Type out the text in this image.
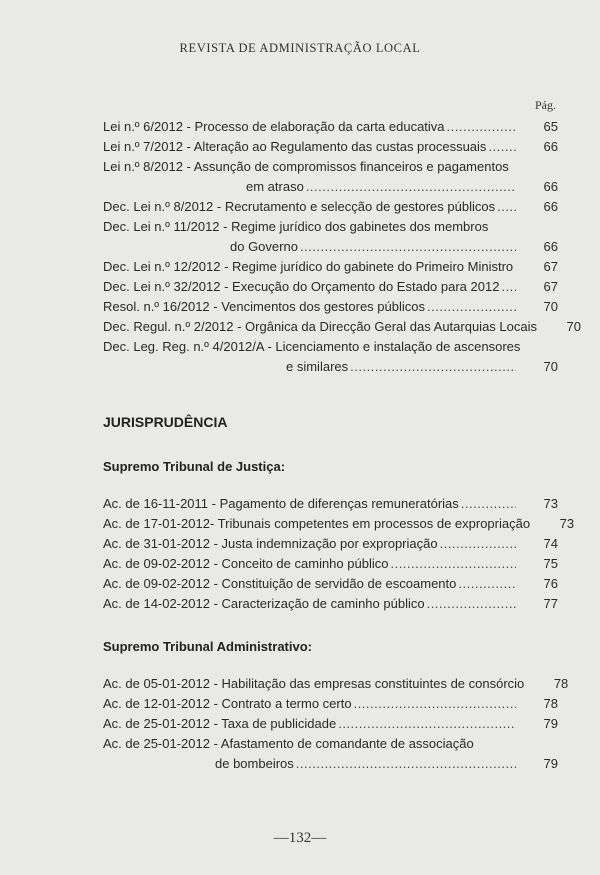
REVISTA DE ADMINISTRAÇÃO LOCAL
Pág.
Lei n.º 6/2012 - Processo de elaboração da carta educativa .....	65
Lei n.º 7/2012 - Alteração ao Regulamento das custas processuais .....	66
Lei n.º 8/2012 - Assunção de compromissos financeiros e pagamentos
em atraso .....	66
Dec. Lei n.º 8/2012 - Recrutamento e selecção de gestores públicos .....	66
Dec. Lei n.º 11/2012 - Regime jurídico dos gabinetes dos membros
do Governo .....	66
Dec. Lei n.º 12/2012 - Regime jurídico do gabinete do Primeiro Ministro .....	67
Dec. Lei n.º 32/2012 - Execução do Orçamento do Estado para 2012 .....	67
Resol. n.º 16/2012 - Vencimentos dos gestores públicos .....	70
Dec. Regul. n.º 2/2012 - Orgânica da Direcção Geral das Autarquias Locais	70
Dec. Leg. Reg. n.º 4/2012/A - Licenciamento e instalação de ascensores
e similares .....	70
JURISPRUDÊNCIA
Supremo Tribunal de Justiça:
Ac. de 16-11-2011 - Pagamento de diferenças remuneratórias .....	73
Ac. de 17-01-2012- Tribunais competentes em processos de expropriação	73
Ac. de 31-01-2012 - Justa indemnização por expropriação .....	74
Ac. de 09-02-2012 - Conceito de caminho público .....	75
Ac. de 09-02-2012 - Constituição de servidão de escoamento .....	76
Ac. de 14-02-2012 - Caracterização de caminho público .....	77
Supremo Tribunal Administrativo:
Ac. de 05-01-2012 - Habilitação das empresas constituintes de consórcio	78
Ac. de 12-01-2012 - Contrato a termo certo .....	78
Ac. de 25-01-2012 - Taxa de publicidade .....	79
Ac. de 25-01-2012 - Afastamento de comandante de associação
de bombeiros .....	79
—132—
